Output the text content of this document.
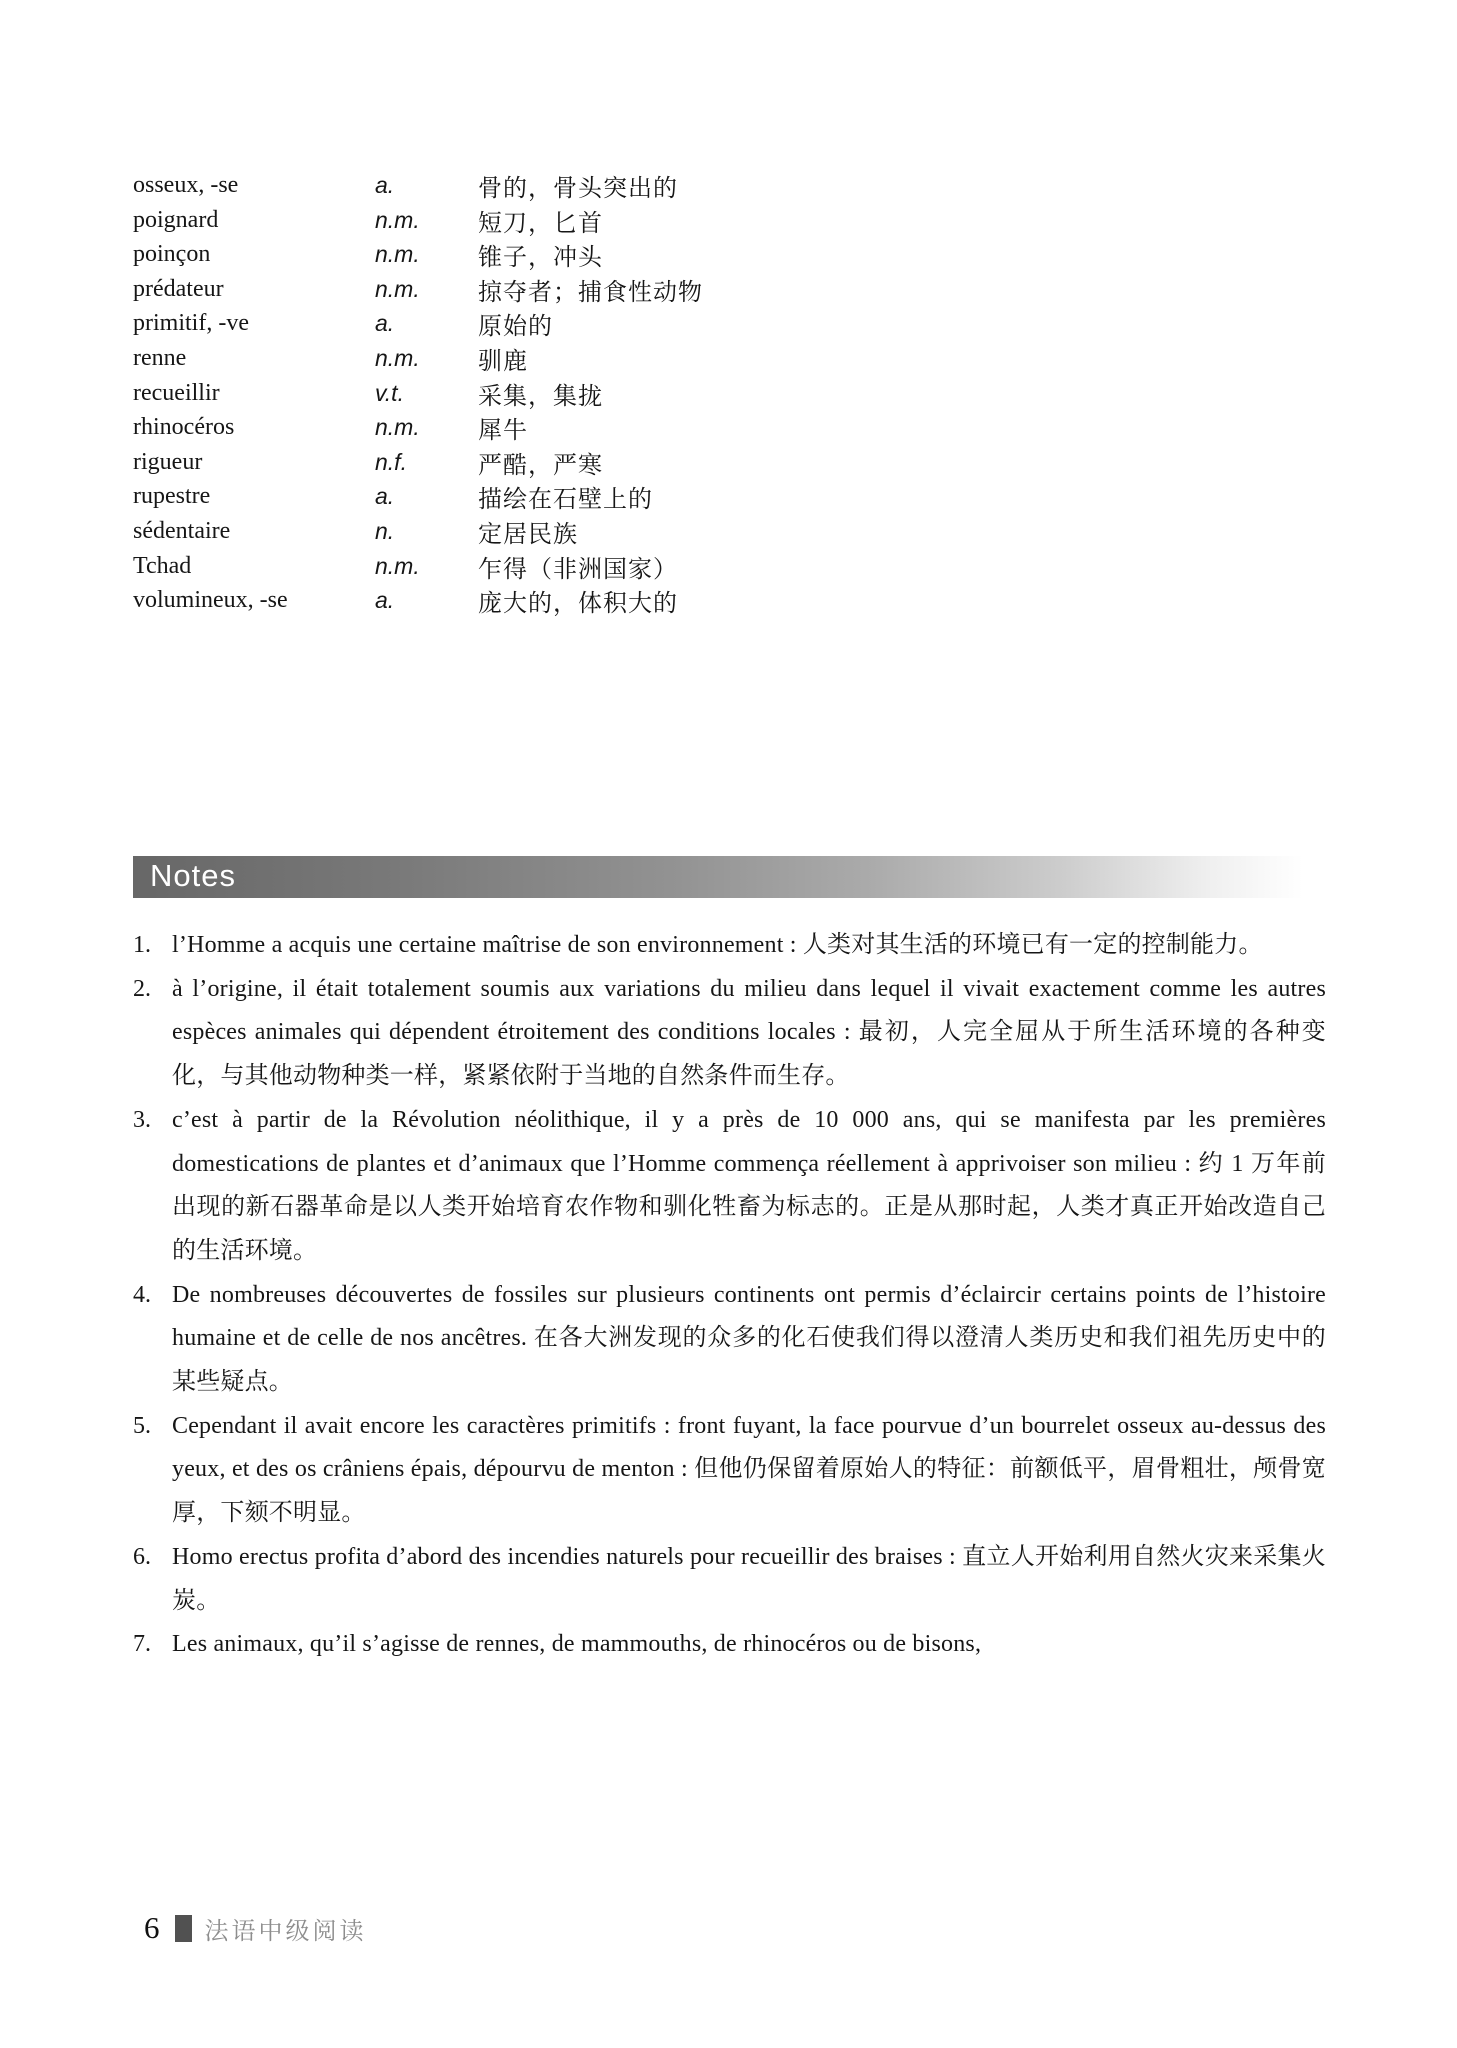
osseux, -se	a.	骨的，骨头突出的
poignard	n.m.	短刀，匕首
poinçon	n.m.	锥子，冲头
prédateur	n.m.	掠夺者；捕食性动物
primitif, -ve	a.	原始的
renne	n.m.	驯鹿
recueillir	v.t.	采集，集拢
rhinocéros	n.m.	犀牛
rigueur	n.f.	严酷，严寒
rupestre	a.	描绘在石壁上的
sédentaire	n.	定居民族
Tchad	n.m.	乍得（非洲国家）
volumineux, -se	a.	庞大的，体积大的
Notes
1. l’Homme a acquis une certaine maîtrise de son environnement : 人类对其生活的环境已有一定的控制能力。
2. à l’origine, il était totalement soumis aux variations du milieu dans lequel il vivait exactement comme les autres espèces animales qui dépendent étroitement des conditions locales : 最初，人完全屈从于所生活环境的各种变化，与其他动物种类一样，紧紧依附于当地的自然条件而生存。
3. c’est à partir de la Révolution néolithique, il y a près de 10 000 ans, qui se manifesta par les premières domestications de plantes et d’animaux que l’Homme commença réellement à apprivoiser son milieu : 约 1 万年前出现的新石器革命是以人类开始培育农作物和驯化牲畜为标志的。正是从那时起，人类才真正开始改造自己的生活环境。
4. De nombreuses découvertes de fossiles sur plusieurs continents ont permis d’éclaircir certains points de l’histoire humaine et de celle de nos ancêtres. 在各大洲发现的众多的化石使我们得以澄清人类历史和我们祖先历史中的某些疑点。
5. Cependant il avait encore les caractères primitifs : front fuyant, la face pourvue d’un bourrelet osseux au-dessus des yeux, et des os crâniens épais, dépourvu de menton : 但他仍保留着原始人的特征：前额低平，眉骨粗壮，颅骨宽厚，下颏不明显。
6. Homo erectus profita d’abord des incendies naturels pour recueillir des braises : 直立人开始利用自然火灾来采集火炭。
7. Les animaux, qu’il s’agisse de rennes, de mammouths, de rhinocéros ou de bisons,
6 法语中级阅读
